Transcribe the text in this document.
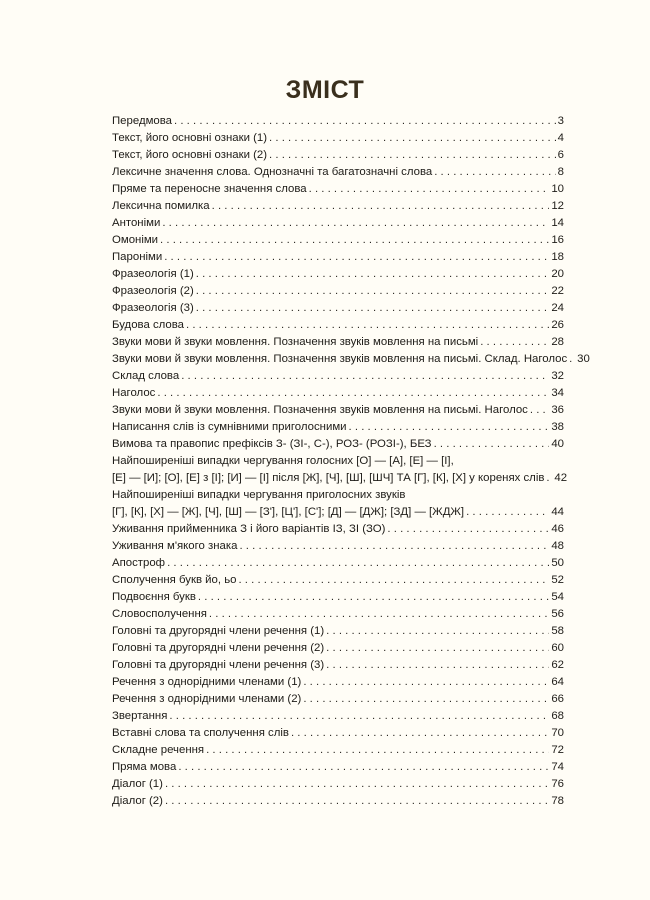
ЗМІСТ
Передмова . . .	3
Текст, його основні ознаки (1) . . .	4
Текст, його основні ознаки (2) . . .	6
Лексичне значення слова. Однозначні та багатозначні слова . . .	8
Пряме та переносне значення слова . . .	10
Лексична помилка . . .	12
Антоніми . . .	14
Омоніми . . .	16
Пароніми . . .	18
Фразеологія (1) . . .	20
Фразеологія (2) . . .	22
Фразеологія (3) . . .	24
Будова слова . . .	26
Звуки мови й звуки мовлення. Позначення звуків мовлення на письмі . . .	28
Звуки мови й звуки мовлення. Позначення звуків мовлення на письмі. Склад. Наголос . . . 30
Склад слова . . .	32
Наголос . . .	34
Звуки мови й звуки мовлення. Позначення звуків мовлення на письмі. Наголос . . . 36
Написання слів із сумнівними приголосними . . .	38
Вимова та правопис префіксів З- (ЗІ-, С-), РОЗ- (РОЗІ-), БЕЗ . . .	40
Найпоширеніші випадки чергування голосних [О] — [А], [Е] — [І],
[Е] — [И]; [О], [Е] з [І]; [И] — [І] після [Ж], [Ч], [Ш], [ШЧ] ТА [Г], [К], [Х] у коренях слів . . . 42
Найпоширеніші випадки чергування приголосних звуків
[Г], [К], [Х] — [Ж], [Ч], [Ш] — [З'], [Ц'], [С']; [Д] — [ДЖ]; [ЗД] — [ЖДЖ] . . .	44
Уживання прийменника З і його варіантів ІЗ, ЗІ (ЗО) . . .	46
Уживання м'якого знака . . .	48
Апостроф . . .	50
Сполучення букв йо, ьо . . .	52
Подвоєння букв . . .	54
Словосполучення . . .	56
Головні та другорядні члени речення (1) . . .	58
Головні та другорядні члени речення (2) . . .	60
Головні та другорядні члени речення (3) . . .	62
Речення з однорідними членами (1) . . .	64
Речення з однорідними членами (2) . . .	66
Звертання . . .	68
Вставні слова та сполучення слів . . .	70
Складне речення . . .	72
Пряма мова . . .	74
Діалог (1) . . .	76
Діалог (2) . . .	78
